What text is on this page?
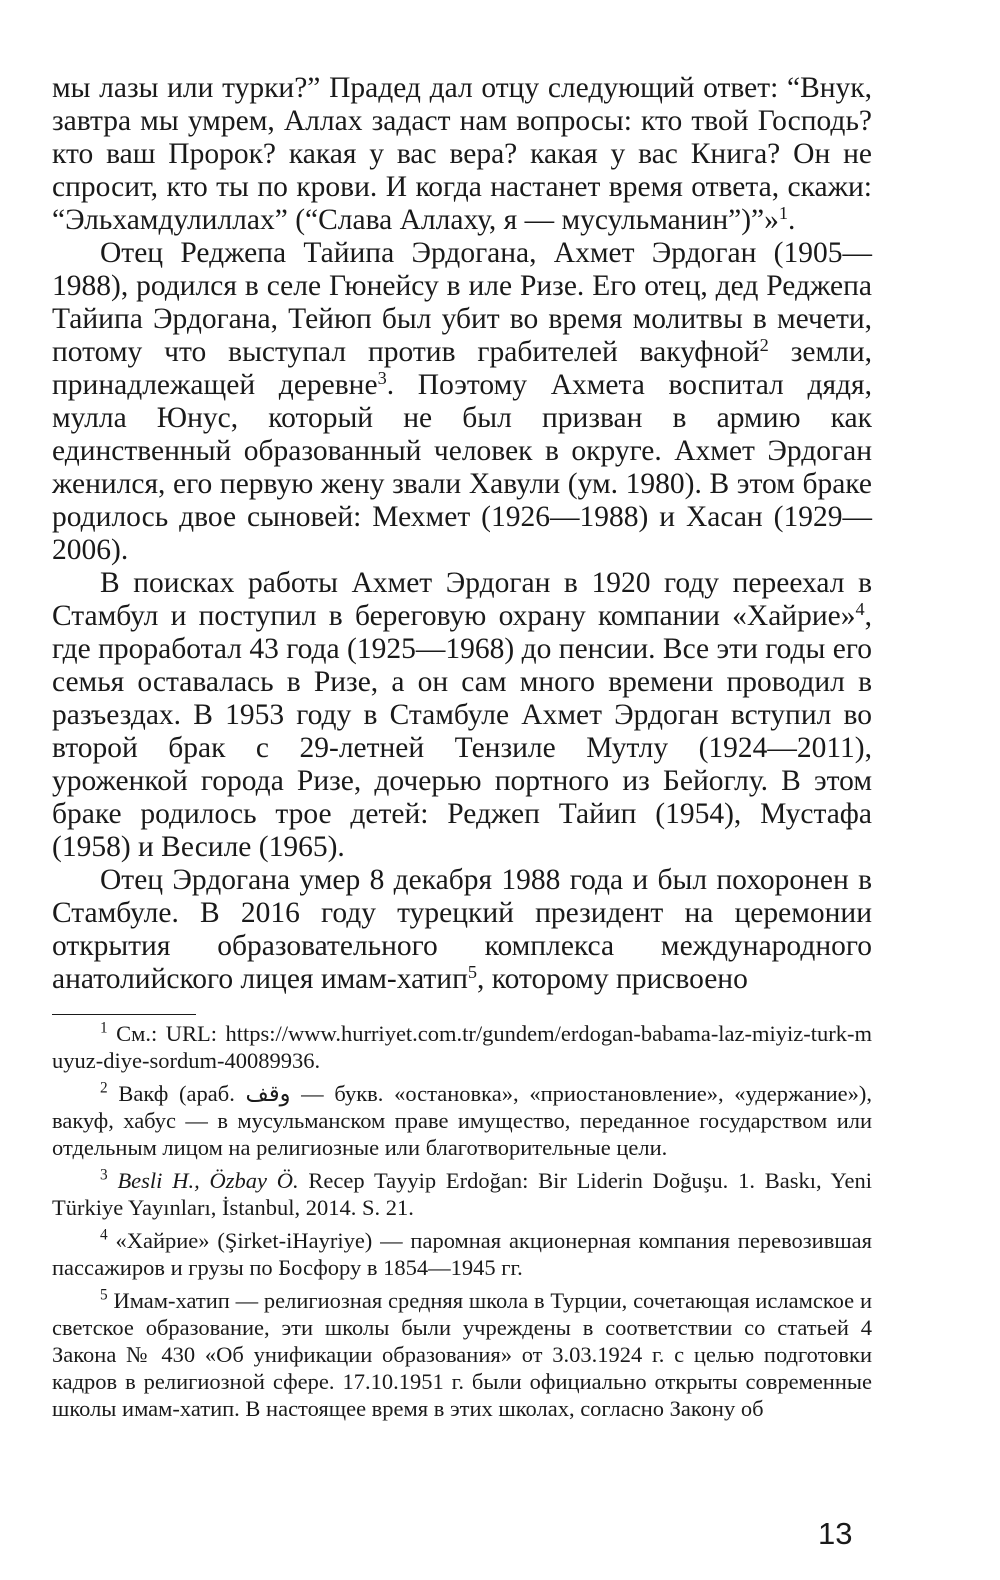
мы лазы или турки?” Прадед дал отцу следующий ответ: “Внук, завтра мы умрем, Аллах задаст нам вопросы: кто твой Господь? кто ваш Пророк? какая у вас вера? какая у вас Книга? Он не спросит, кто ты по крови. И когда настанет время ответа, скажи: “Эльхамдулиллах” (“Слава Аллаху, я — мусульманин”)”»$^1$.

Отец Реджепа Тайипа Эрдогана, Ахмет Эрдоган (1905—1988), родился в селе Гюнейсу в иле Ризе. Его отец, дед Реджепа Тайипа Эрдогана, Тейюп был убит во время молитвы в мечети, потому что выступал против грабителей вакуфной$^2$ земли, принадлежащей деревне$^3$. Поэтому Ахмета воспитал дядя, мулла Юнус, который не был призван в армию как единственный образованный человек в округе. Ахмет Эрдоган женился, его первую жену звали Хавули (ум. 1980). В этом браке родилось двое сыновей: Мехмет (1926—1988) и Хасан (1929—2006).

В поисках работы Ахмет Эрдоган в 1920 году переехал в Стамбул и поступил в береговую охрану компании «Хайрие»$^4$, где проработал 43 года (1925—1968) до пенсии. Все эти годы его семья оставалась в Ризе, а он сам много времени проводил в разъездах. В 1953 году в Стамбуле Ахмет Эрдоган вступил во второй брак с 29-летней Тензиле Мутлу (1924—2011), уроженкой города Ризе, дочерью портного из Бейоглу. В этом браке родилось трое детей: Реджеп Тайип (1954), Мустафа (1958) и Весиле (1965).

Отец Эрдогана умер 8 декабря 1988 года и был похоронен в Стамбуле. В 2016 году турецкий президент на церемонии открытия образовательного комплекса международного анатолийского лицея имам-хатип$^5$, которому присвоено

$^1$ См.: URL: https://www.hurriyet.com.tr/gundem/erdogan-babama-laz-miyiz-turk-muyuz-diye-sordum-40089936.

$^2$ Вакф (араб. وقف — букв. «остановка», «приостановление», «удержание»), вакуф, хабус — в мусульманском праве имущество, переданное государством или отдельным лицом на религиозные или благотворительные цели.

$^3$ Besli H., Özbay Ö. Recep Tayyip Erdoğan: Bir Liderin Doğuşu. 1. Baskı, Yeni Türkiye Yayınları, İstanbul, 2014. S. 21.

$^4$ «Хайрие» (Şirket-iHayriye) — паромная акционерная компания перевозившая пассажиров и грузы по Босфору в 1854—1945 гг.

$^5$ Имам-хатип — религиозная средняя школа в Турции, сочетающая исламское и светское образование, эти школы были учреждены в соответствии со статьей 4 Закона № 430 «Об унификации образования» от 3.03.1924 г. с целью подготовки кадров в религиозной сфере. 17.10.1951 г. были официально открыты современные школы имам-хатип. В настоящее время в этих школах, согласно Закону об

13
